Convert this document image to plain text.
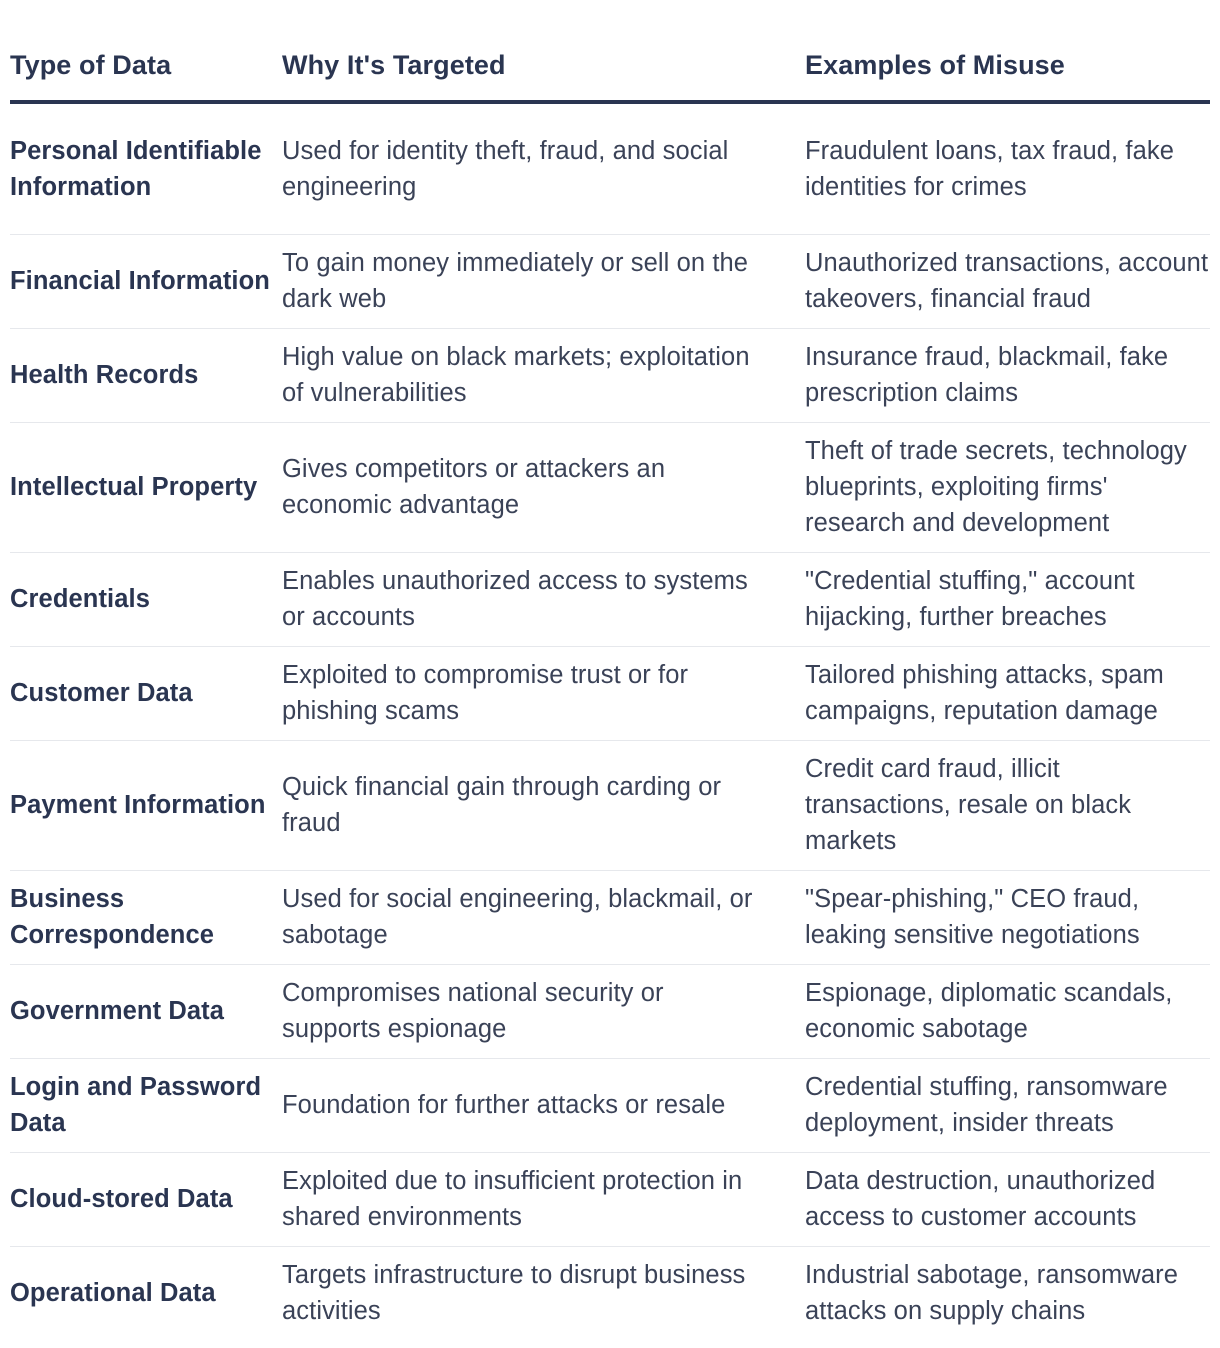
Type of Data	Why It's Targeted	Examples of Misuse
Personal Identifiable Information	Used for identity theft, fraud, and social engineering	Fraudulent loans, tax fraud, fake identities for crimes
Financial Information	To gain money immediately or sell on the dark web	Unauthorized transactions, account takeovers, financial fraud
Health Records	High value on black markets; exploitation of vulnerabilities	Insurance fraud, blackmail, fake prescription claims
Intellectual Property	Gives competitors or attackers an economic advantage	Theft of trade secrets, technology blueprints, exploiting firms' research and development
Credentials	Enables unauthorized access to systems or accounts	"Credential stuffing," account hijacking, further breaches
Customer Data	Exploited to compromise trust or for phishing scams	Tailored phishing attacks, spam campaigns, reputation damage
Payment Information	Quick financial gain through carding or fraud	Credit card fraud, illicit transactions, resale on black markets
Business Correspondence	Used for social engineering, blackmail, or sabotage	"Spear-phishing," CEO fraud, leaking sensitive negotiations
Government Data	Compromises national security or supports espionage	Espionage, diplomatic scandals, economic sabotage
Login and Password Data	Foundation for further attacks or resale	Credential stuffing, ransomware deployment, insider threats
Cloud-stored Data	Exploited due to insufficient protection in shared environments	Data destruction, unauthorized access to customer accounts
Operational Data	Targets infrastructure to disrupt business activities	Industrial sabotage, ransomware attacks on supply chains
